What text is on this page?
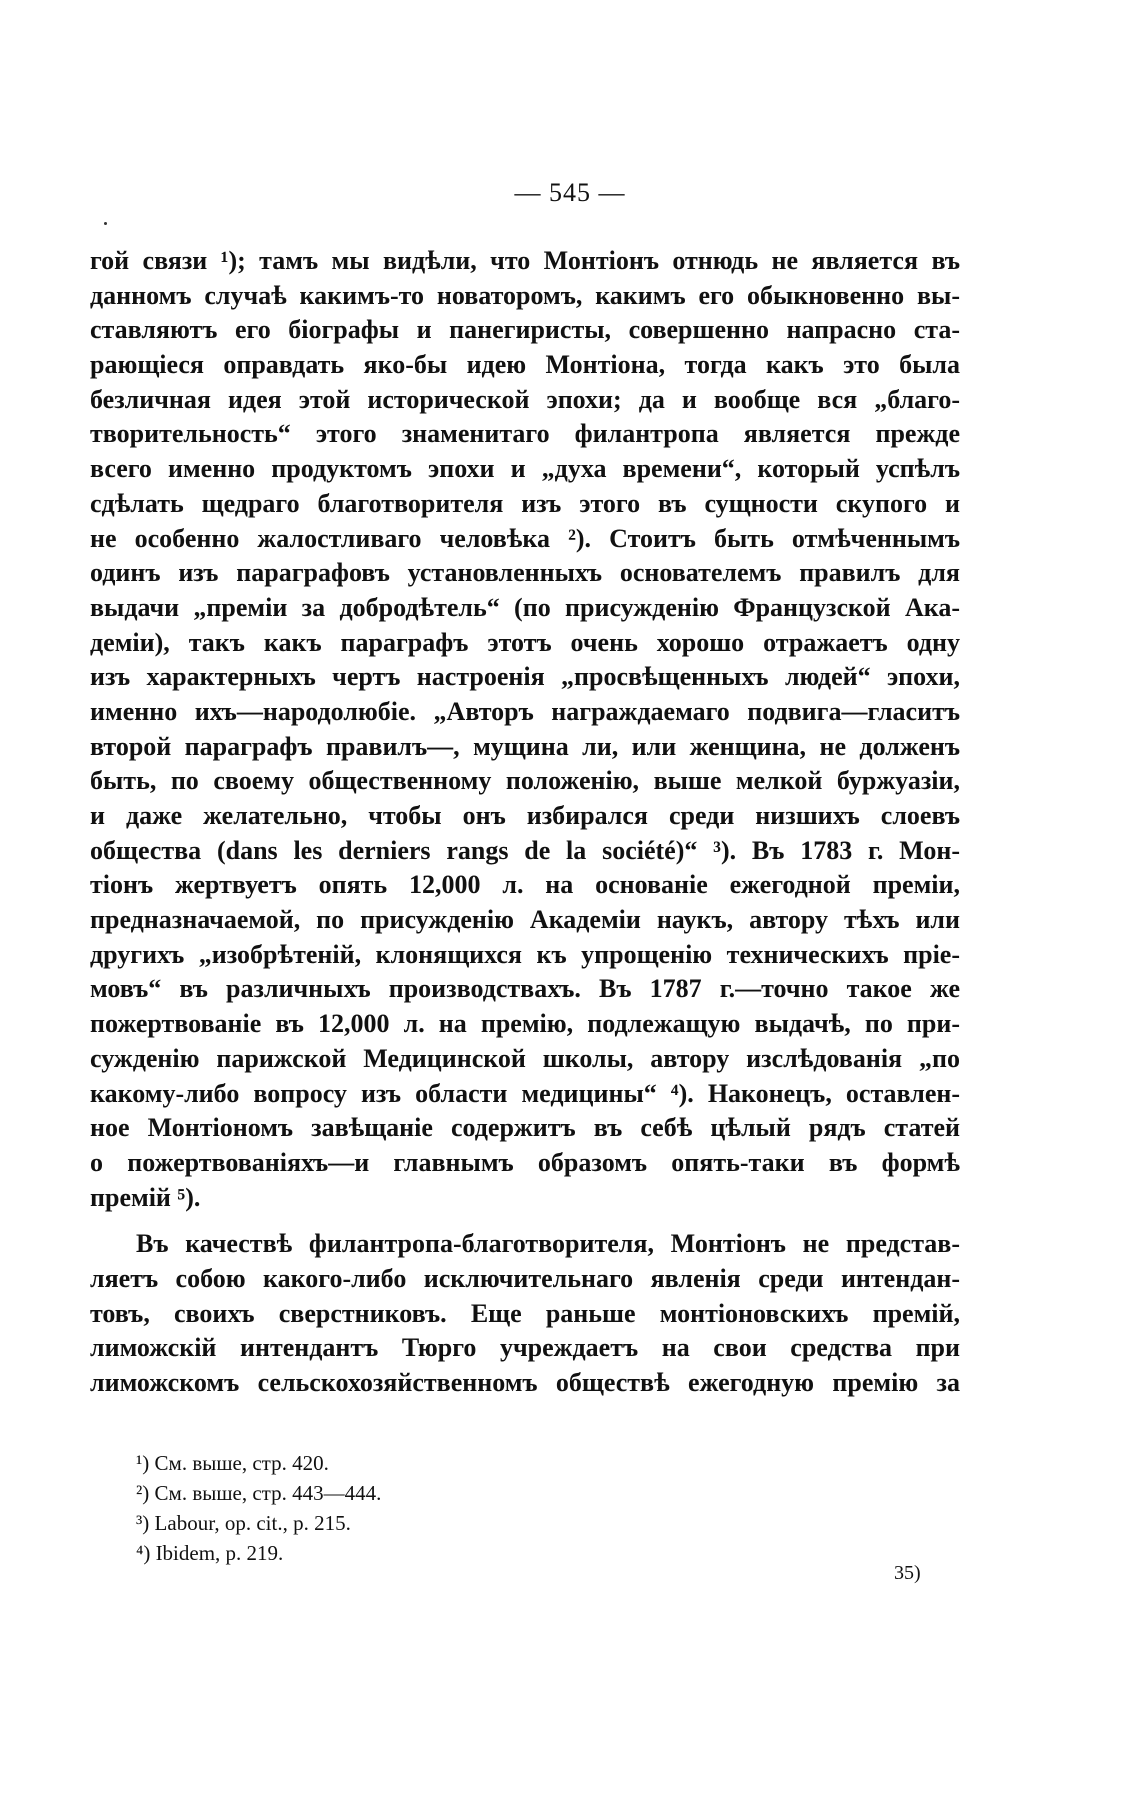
— 545 —
гой связи ¹); тамъ мы видѣли, что Монтіонъ отнюдь не является въ
данномъ случаѣ какимъ-то новаторомъ, какимъ его обыкновенно вы-
ставляютъ его біографы и панегиристы, совершенно напрасно ста-
рающіеся оправдать яко-бы идею Монтіона, тогда какъ это была
безличная идея этой исторической эпохи; да и вообще вся „благо-
творительность“ этого знаменитаго филантропа является прежде
всего именно продуктомъ эпохи и „духа времени“, который успѣлъ
сдѣлать щедраго благотворителя изъ этого въ сущности скупого и
не особенно жалостливаго человѣка ²). Стоитъ быть отмѣченнымъ
одинъ изъ параграфовъ установленныхъ основателемъ правилъ для
выдачи „преміи за добродѣтель“ (по присужденію Французской Ака-
деміи), такъ какъ параграфъ этотъ очень хорошо отражаетъ одну
изъ характерныхъ чертъ настроенія „просвѣщенныхъ людей“ эпохи,
именно ихъ—народолюбіе. „Авторъ награждаемаго подвига—гласитъ
второй параграфъ правилъ—, мущина ли, или женщина, не долженъ
быть, по своему общественному положенію, выше мелкой буржуазіи,
и даже желательно, чтобы онъ избирался среди низшихъ слоевъ
общества (dans les derniers rangs de la société)“ ³). Въ 1783 г. Мон-
тіонъ жертвуетъ опять 12,000 л. на основаніе ежегодной преміи,
предназначаемой, по присужденію Академіи наукъ, автору тѣхъ или
другихъ „изобрѣтеній, клонящихся къ упрощенію техническихъ пріе-
мовъ“ въ различныхъ производствахъ. Въ 1787 г.—точно такое же
пожертвованіе въ 12,000 л. на премію, подлежащую выдачѣ, по при-
сужденію парижской Медицинской школы, автору изслѣдованія „по
какому-либо вопросу изъ области медицины“ ⁴). Наконецъ, оставлен-
ное Монтіономъ завѣщаніе содержитъ въ себѣ цѣлый рядъ статей
о пожертвованіяхъ—и главнымъ образомъ опять-таки въ формѣ
премій ⁵).
Въ качествѣ филантропа-благотворителя, Монтіонъ не представ-
ляетъ собою какого-либо исключительнаго явленія среди интендан-
товъ, своихъ сверстниковъ. Еще раньше монтіоновскихъ премій,
лиможскій интендантъ Тюрго учреждаетъ на свои средства при
лиможскомъ сельскохозяйственномъ обществѣ ежегодную премію за
¹) См. выше, стр. 420.
²) См. выше, стр. 443—444.
³) Labour, op. cit., p. 215.
⁴) Ibidem, p. 219.
35)
